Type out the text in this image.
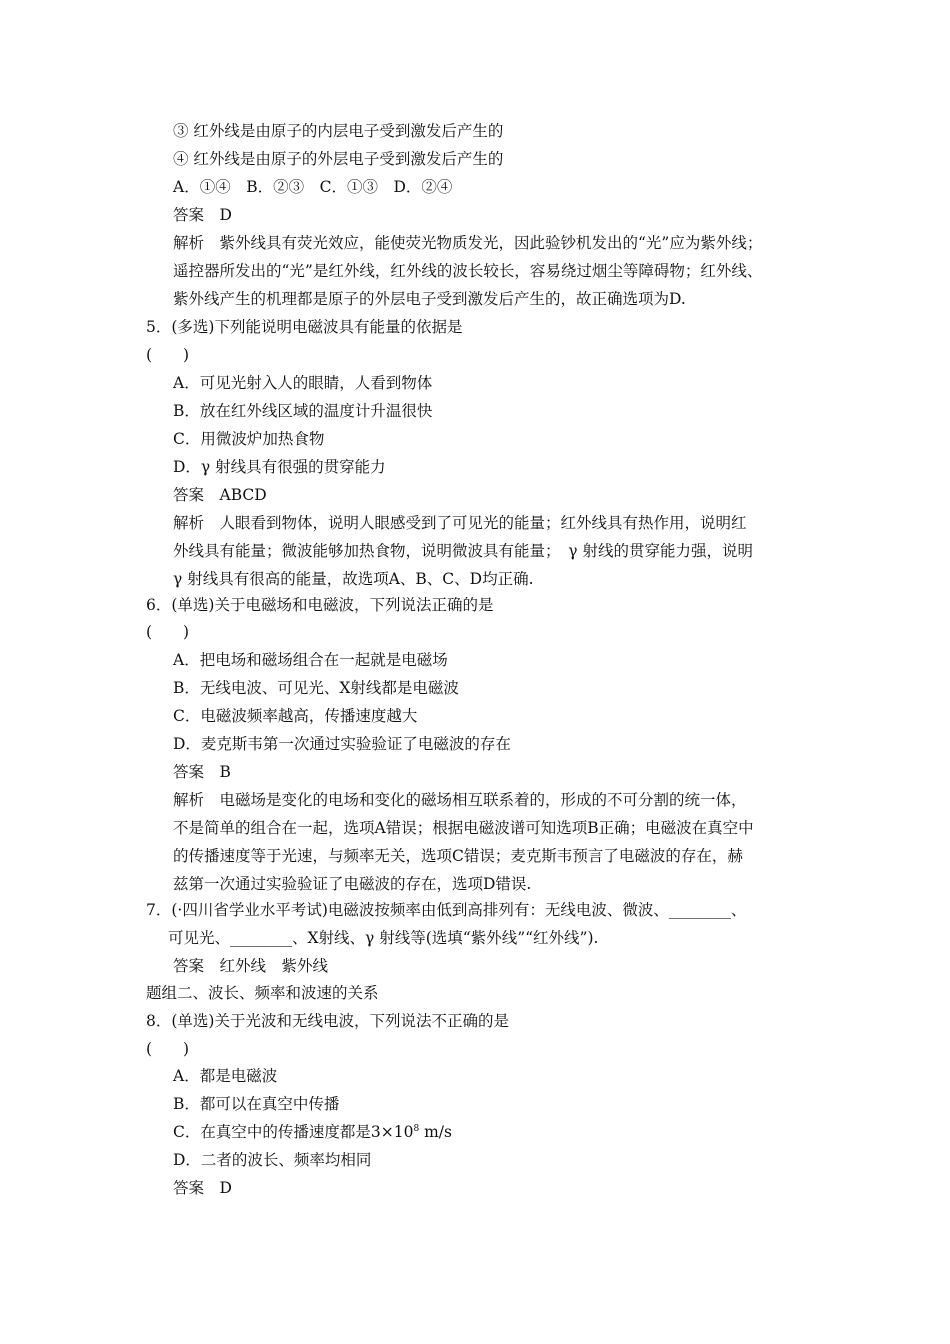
③ 红外线是由原子的内层电子受到激发后产生的
④ 红外线是由原子的外层电子受到激发后产生的
A．①④　B．②③　C．①③　D．②④
答案　D
解析　紫外线具有荧光效应，能使荧光物质发光，因此验钞机发出的“光”应为紫外线；
遥控器所发出的“光”是红外线，红外线的波长较长，容易绕过烟尘等障碍物；红外线、
紫外线产生的机理都是原子的外层电子受到激发后产生的，故正确选项为D.
5．(多选)下列能说明电磁波具有能量的依据是
(　　)
A．可见光射入人的眼睛，人看到物体
B．放在红外线区域的温度计升温很快
C．用微波炉加热食物
D．γ 射线具有很强的贯穿能力
答案　ABCD
解析　人眼看到物体，说明人眼感受到了可见光的能量；红外线具有热作用，说明红
外线具有能量；微波能够加热食物，说明微波具有能量；　γ 射线的贯穿能力强，说明
γ 射线具有很高的能量，故选项A、B、C、D均正确.
6．(单选)关于电磁场和电磁波，下列说法正确的是
(　　)
A．把电场和磁场组合在一起就是电磁场
B．无线电波、可见光、X射线都是电磁波
C．电磁波频率越高，传播速度越大
D．麦克斯韦第一次通过实验验证了电磁波的存在
答案　B
解析　电磁场是变化的电场和变化的磁场相互联系着的，形成的不可分割的统一体，
不是简单的组合在一起，选项A错误；根据电磁波谱可知选项B正确；电磁波在真空中
的传播速度等于光速，与频率无关，选项C错误；麦克斯韦预言了电磁波的存在，赫
兹第一次通过实验验证了电磁波的存在，选项D错误.
7．(·四川省学业水平考试)电磁波按频率由低到高排列有：无线电波、微波、________、
可见光、________、X射线、γ 射线等(选填“紫外线”“红外线”).
答案　红外线　紫外线
题组二、波长、频率和波速的关系
8．(单选)关于光波和无线电波，下列说法不正确的是
(　　)
A．都是电磁波
B．都可以在真空中传播
C．在真空中的传播速度都是$3\times 10^8$ m/s
D．二者的波长、频率均相同
答案　D
